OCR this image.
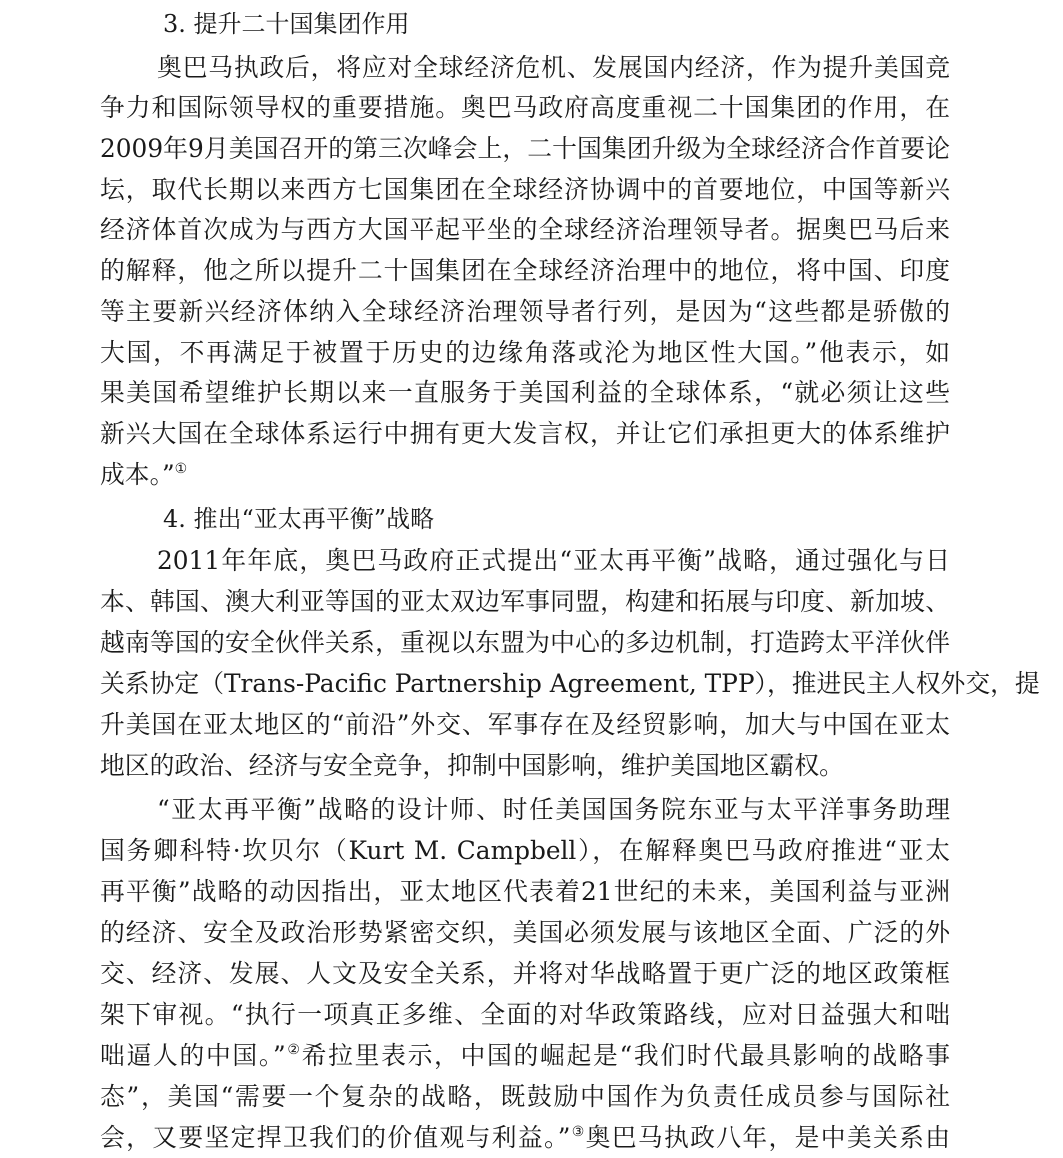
3. 提升二十国集团作用
奥巴马执政后，将应对全球经济危机、发展国内经济，作为提升美国竞
争力和国际领导权的重要措施。奥巴马政府高度重视二十国集团的作用，在
2009年9月美国召开的第三次峰会上，二十国集团升级为全球经济合作首要论
坛，取代长期以来西方七国集团在全球经济协调中的首要地位，中国等新兴
经济体首次成为与西方大国平起平坐的全球经济治理领导者。据奥巴马后来
的解释，他之所以提升二十国集团在全球经济治理中的地位，将中国、印度
等主要新兴经济体纳入全球经济治理领导者行列，是因为“这些都是骄傲的
大国，不再满足于被置于历史的边缘角落或沦为地区性大国。”他表示，如
果美国希望维护长期以来一直服务于美国利益的全球体系，“就必须让这些
新兴大国在全球体系运行中拥有更大发言权，并让它们承担更大的体系维护
成本。”①
4. 推出“亚太再平衡”战略
2011年年底，奥巴马政府正式提出“亚太再平衡”战略，通过强化与日
本、韩国、澳大利亚等国的亚太双边军事同盟，构建和拓展与印度、新加坡、
越南等国的安全伙伴关系，重视以东盟为中心的多边机制，打造跨太平洋伙伴
关系协定（Trans-Pacific Partnership Agreement, TPP），推进民主人权外交，提
升美国在亚太地区的“前沿”外交、军事存在及经贸影响，加大与中国在亚太
地区的政治、经济与安全竞争，抑制中国影响，维护美国地区霸权。
“亚太再平衡”战略的设计师、时任美国国务院东亚与太平洋事务助理
国务卿科特·坎贝尔（Kurt M. Campbell），在解释奥巴马政府推进“亚太
再平衡”战略的动因指出，亚太地区代表着21世纪的未来，美国利益与亚洲
的经济、安全及政治形势紧密交织，美国必须发展与该地区全面、广泛的外
交、经济、发展、人文及安全关系，并将对华战略置于更广泛的地区政策框
架下审视。“执行一项真正多维、全面的对华政策路线，应对日益强大和咄
咄逼人的中国。”②希拉里表示，中国的崛起是“我们时代最具影响的战略事
态”，美国“需要一个复杂的战略，既鼓励中国作为负责任成员参与国际社
会，又要坚定捍卫我们的价值观与利益。”③奥巴马执政八年，是中美关系由
